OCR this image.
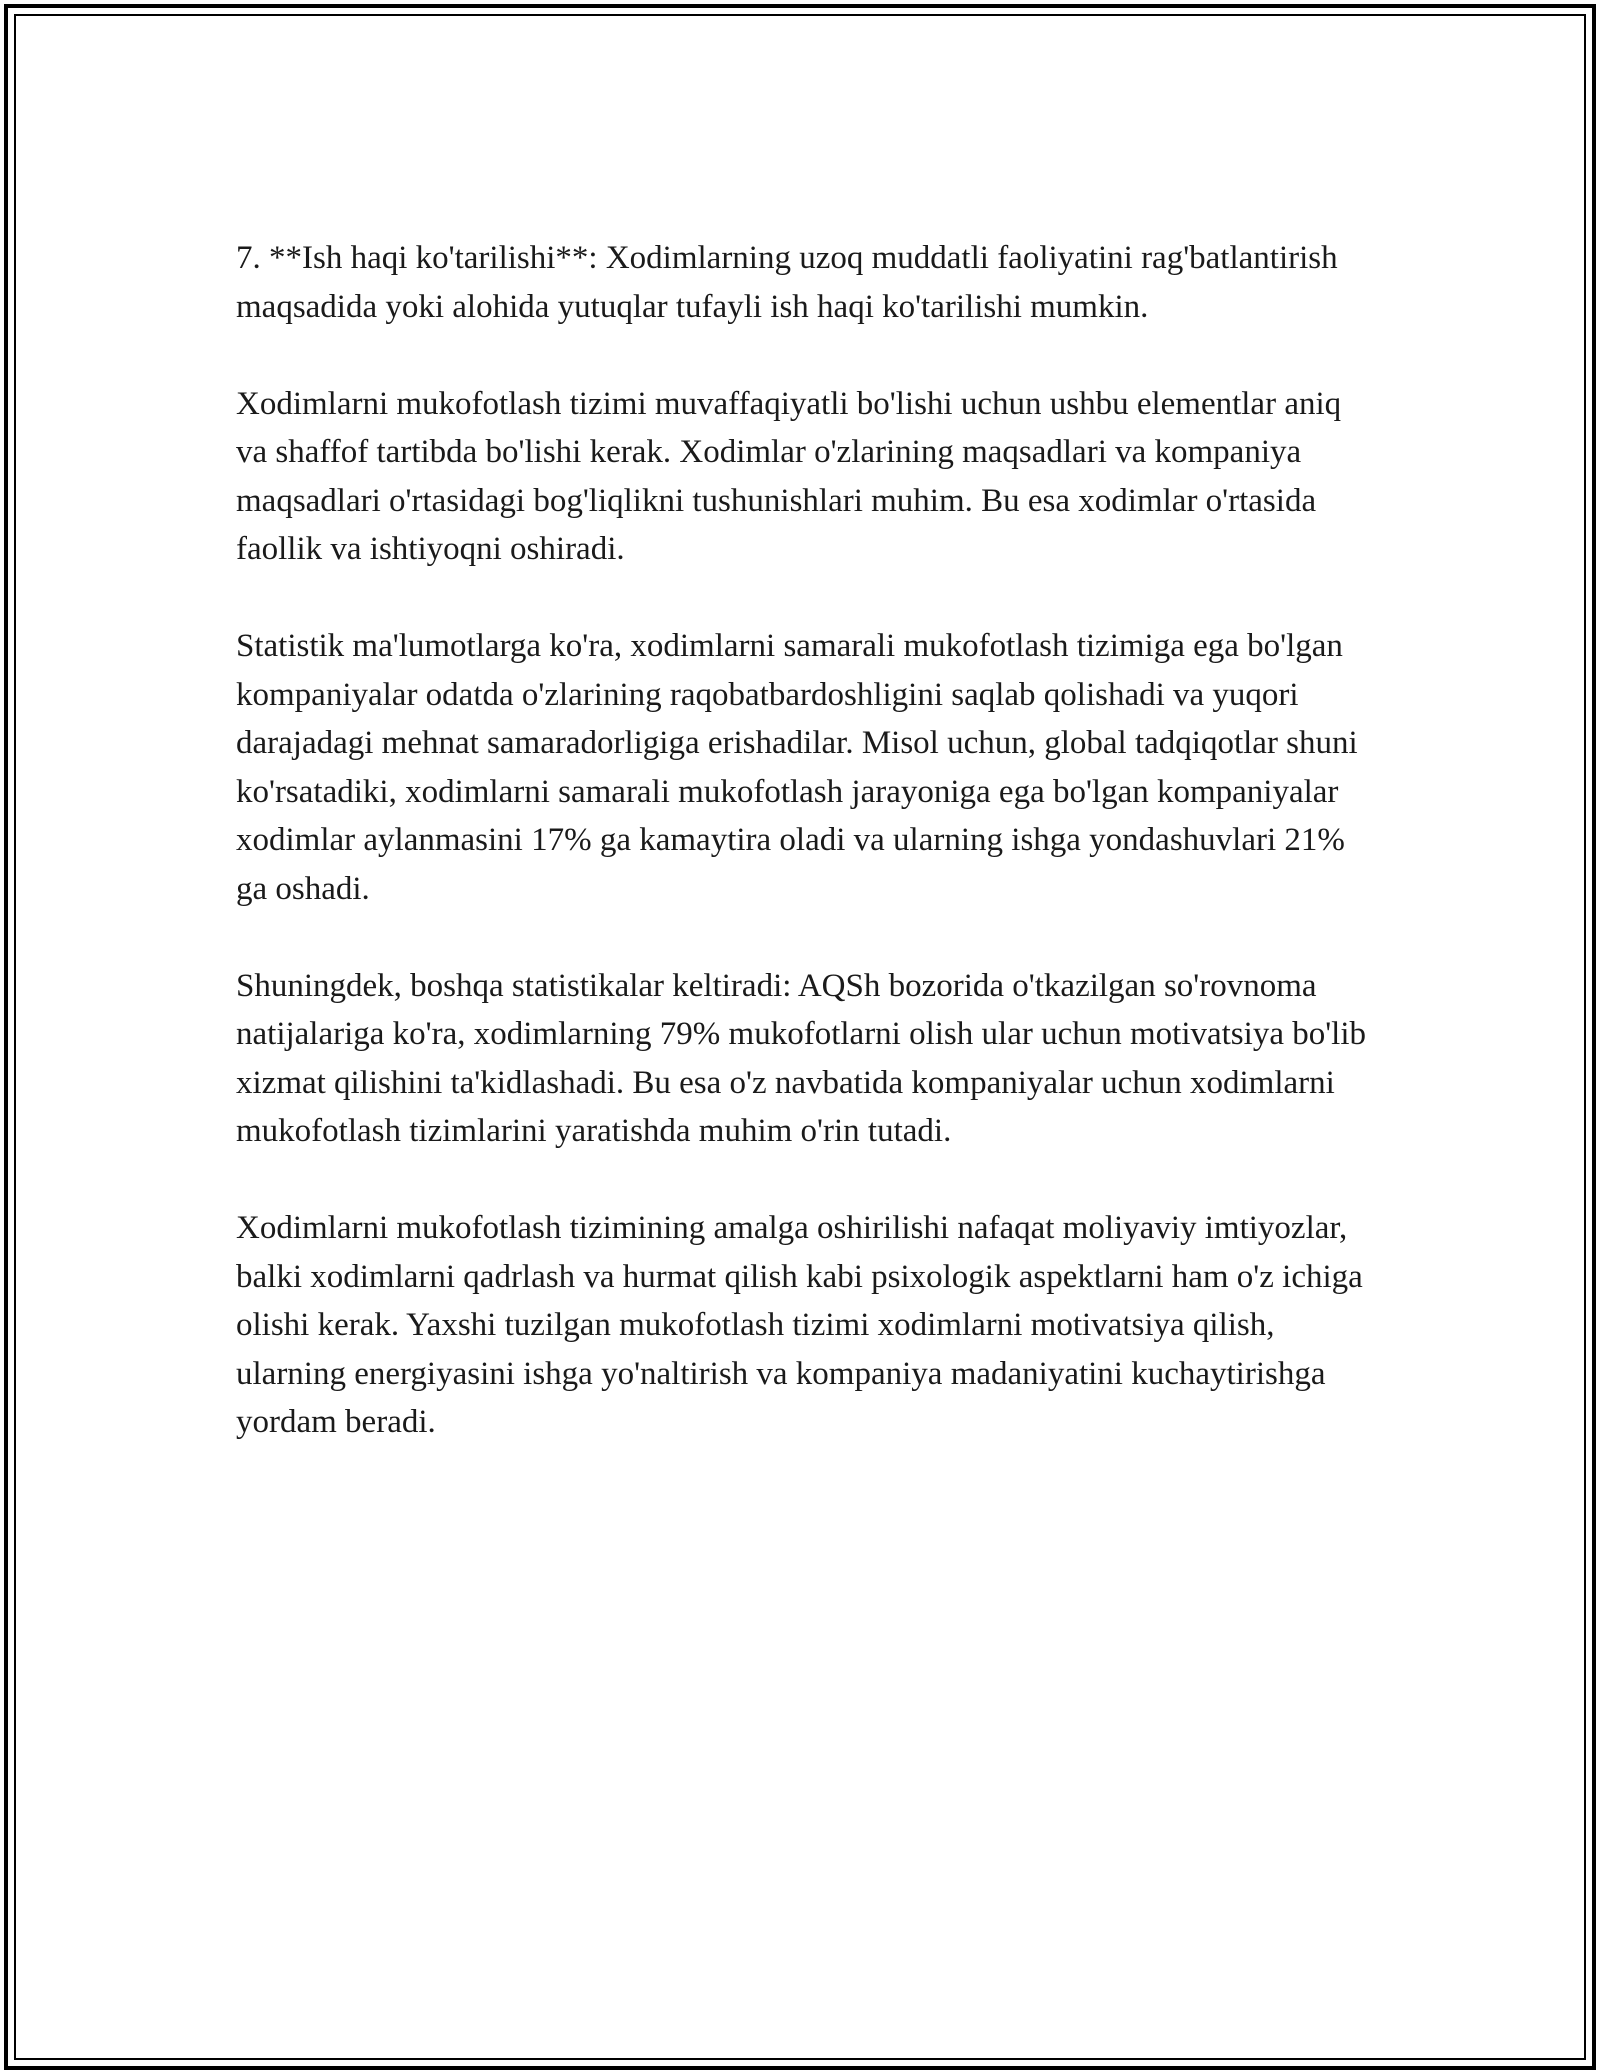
7. **Ish haqi ko'tarilishi**: Xodimlarning uzoq muddatli faoliyatini rag'batlantirish maqsadida yoki alohida yutuqlar tufayli ish haqi ko'tarilishi mumkin.

Xodimlarni mukofotlash tizimi muvaffaqiyatli bo'lishi uchun ushbu elementlar aniq va shaffof tartibda bo'lishi kerak. Xodimlar o'zlarining maqsadlari va kompaniya maqsadlari o'rtasidagi bog'liqlikni tushunishlari muhim. Bu esa xodimlar o'rtasida faollik va ishtiyoqni oshiradi.

Statistik ma'lumotlarga ko'ra, xodimlarni samarali mukofotlash tizimiga ega bo'lgan kompaniyalar odatda o'zlarining raqobatbardoshligini saqlab qolishadi va yuqori darajadagi mehnat samaradorligiga erishadilar. Misol uchun, global tadqiqotlar shuni ko'rsatadiki, xodimlarni samarali mukofotlash jarayoniga ega bo'lgan kompaniyalar xodimlar aylanmasini 17% ga kamaytira oladi va ularning ishga yondashuvlari 21% ga oshadi.

Shuningdek, boshqa statistikalar keltiradi: AQSh bozorida o'tkazilgan so'rovnoma natijalariga ko'ra, xodimlarning 79% mukofotlarni olish ular uchun motivatsiya bo'lib xizmat qilishini ta'kidlashadi. Bu esa o'z navbatida kompaniyalar uchun xodimlarni mukofotlash tizimlarini yaratishda muhim o'rin tutadi.

Xodimlarni mukofotlash tizimining amalga oshirilishi nafaqat moliyaviy imtiyozlar, balki xodimlarni qadrlash va hurmat qilish kabi psixologik aspektlarni ham o'z ichiga olishi kerak. Yaxshi tuzilgan mukofotlash tizimi xodimlarni motivatsiya qilish, ularning energiyasini ishga yo'naltirish va kompaniya madaniyatini kuchaytirishga yordam beradi.
